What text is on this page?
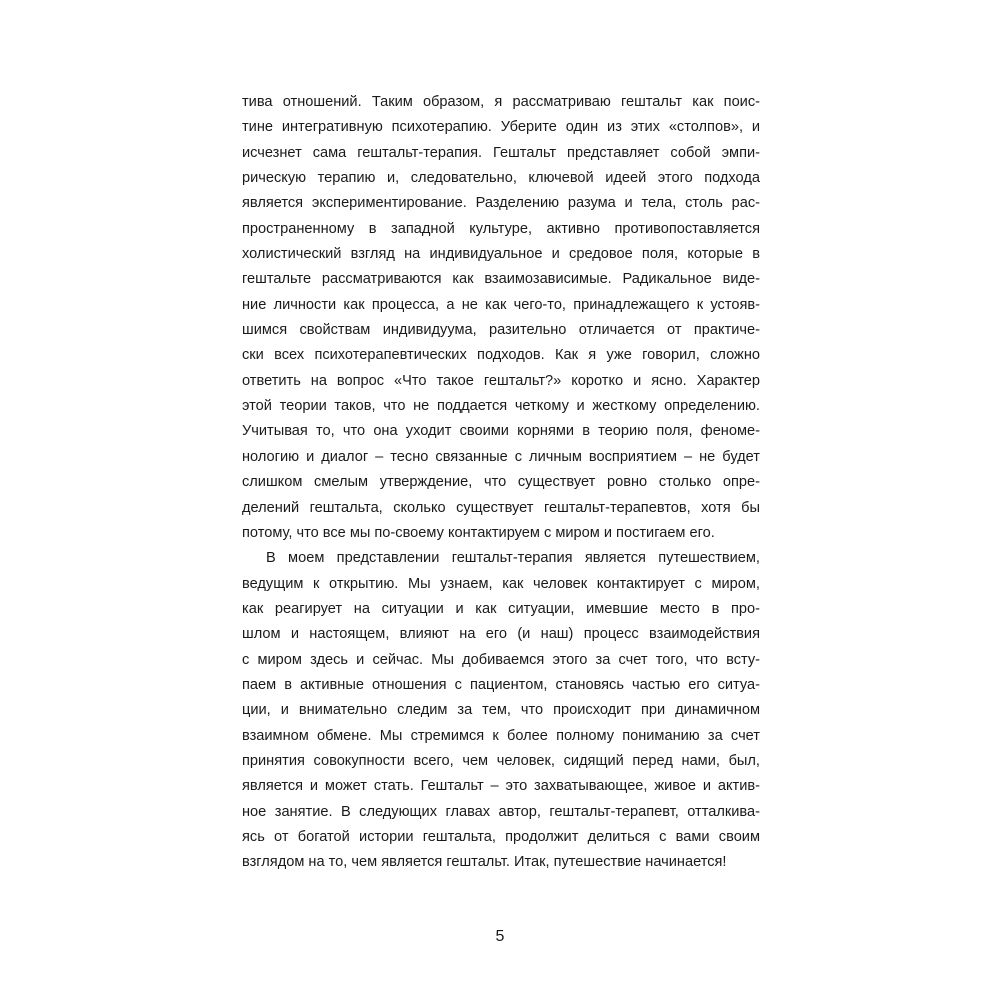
тива отношений. Таким образом, я рассматриваю гештальт как поис-
тине интегративную психотерапию. Уберите один из этих «столпов», и
исчезнет сама гештальт-терапия. Гештальт представляет собой эмпи-
рическую терапию и, следовательно, ключевой идеей этого подхода
является экспериментирование. Разделению разума и тела, столь рас-
пространенному в западной культуре, активно противопоставляется
холистический взгляд на индивидуальное и средовое поля, которые в
гештальте рассматриваются как взаимозависимые. Радикальное виде-
ние личности как процесса, а не как чего-то, принадлежащего к устояв-
шимся свойствам индивидуума, разительно отличается от практиче-
ски всех психотерапевтических подходов. Как я уже говорил, сложно
ответить на вопрос «Что такое гештальт?» коротко и ясно. Характер
этой теории таков, что не поддается четкому и жесткому определению.
Учитывая то, что она уходит своими корнями в теорию поля, феноме-
нологию и диалог – тесно связанные с личным восприятием – не будет
слишком смелым утверждение, что существует ровно столько опре-
делений гештальта, сколько существует гештальт-терапевтов, хотя бы
потому, что все мы по-своему контактируем с миром и постигаем его.
В моем представлении гештальт-терапия является путешествием,
ведущим к открытию. Мы узнаем, как человек контактирует с миром,
как реагирует на ситуации и как ситуации, имевшие место в про-
шлом и настоящем, влияют на его (и наш) процесс взаимодействия
с миром здесь и сейчас. Мы добиваемся этого за счет того, что всту-
паем в активные отношения с пациентом, становясь частью его ситуа-
ции, и внимательно следим за тем, что происходит при динамичном
взаимном обмене. Мы стремимся к более полному пониманию за счет
принятия совокупности всего, чем человек, сидящий перед нами, был,
является и может стать. Гештальт – это захватывающее, живое и актив-
ное занятие. В следующих главах автор, гештальт-терапевт, отталкива-
ясь от богатой истории гештальта, продолжит делиться с вами своим
взглядом на то, чем является гештальт. Итак, путешествие начинается!
5
